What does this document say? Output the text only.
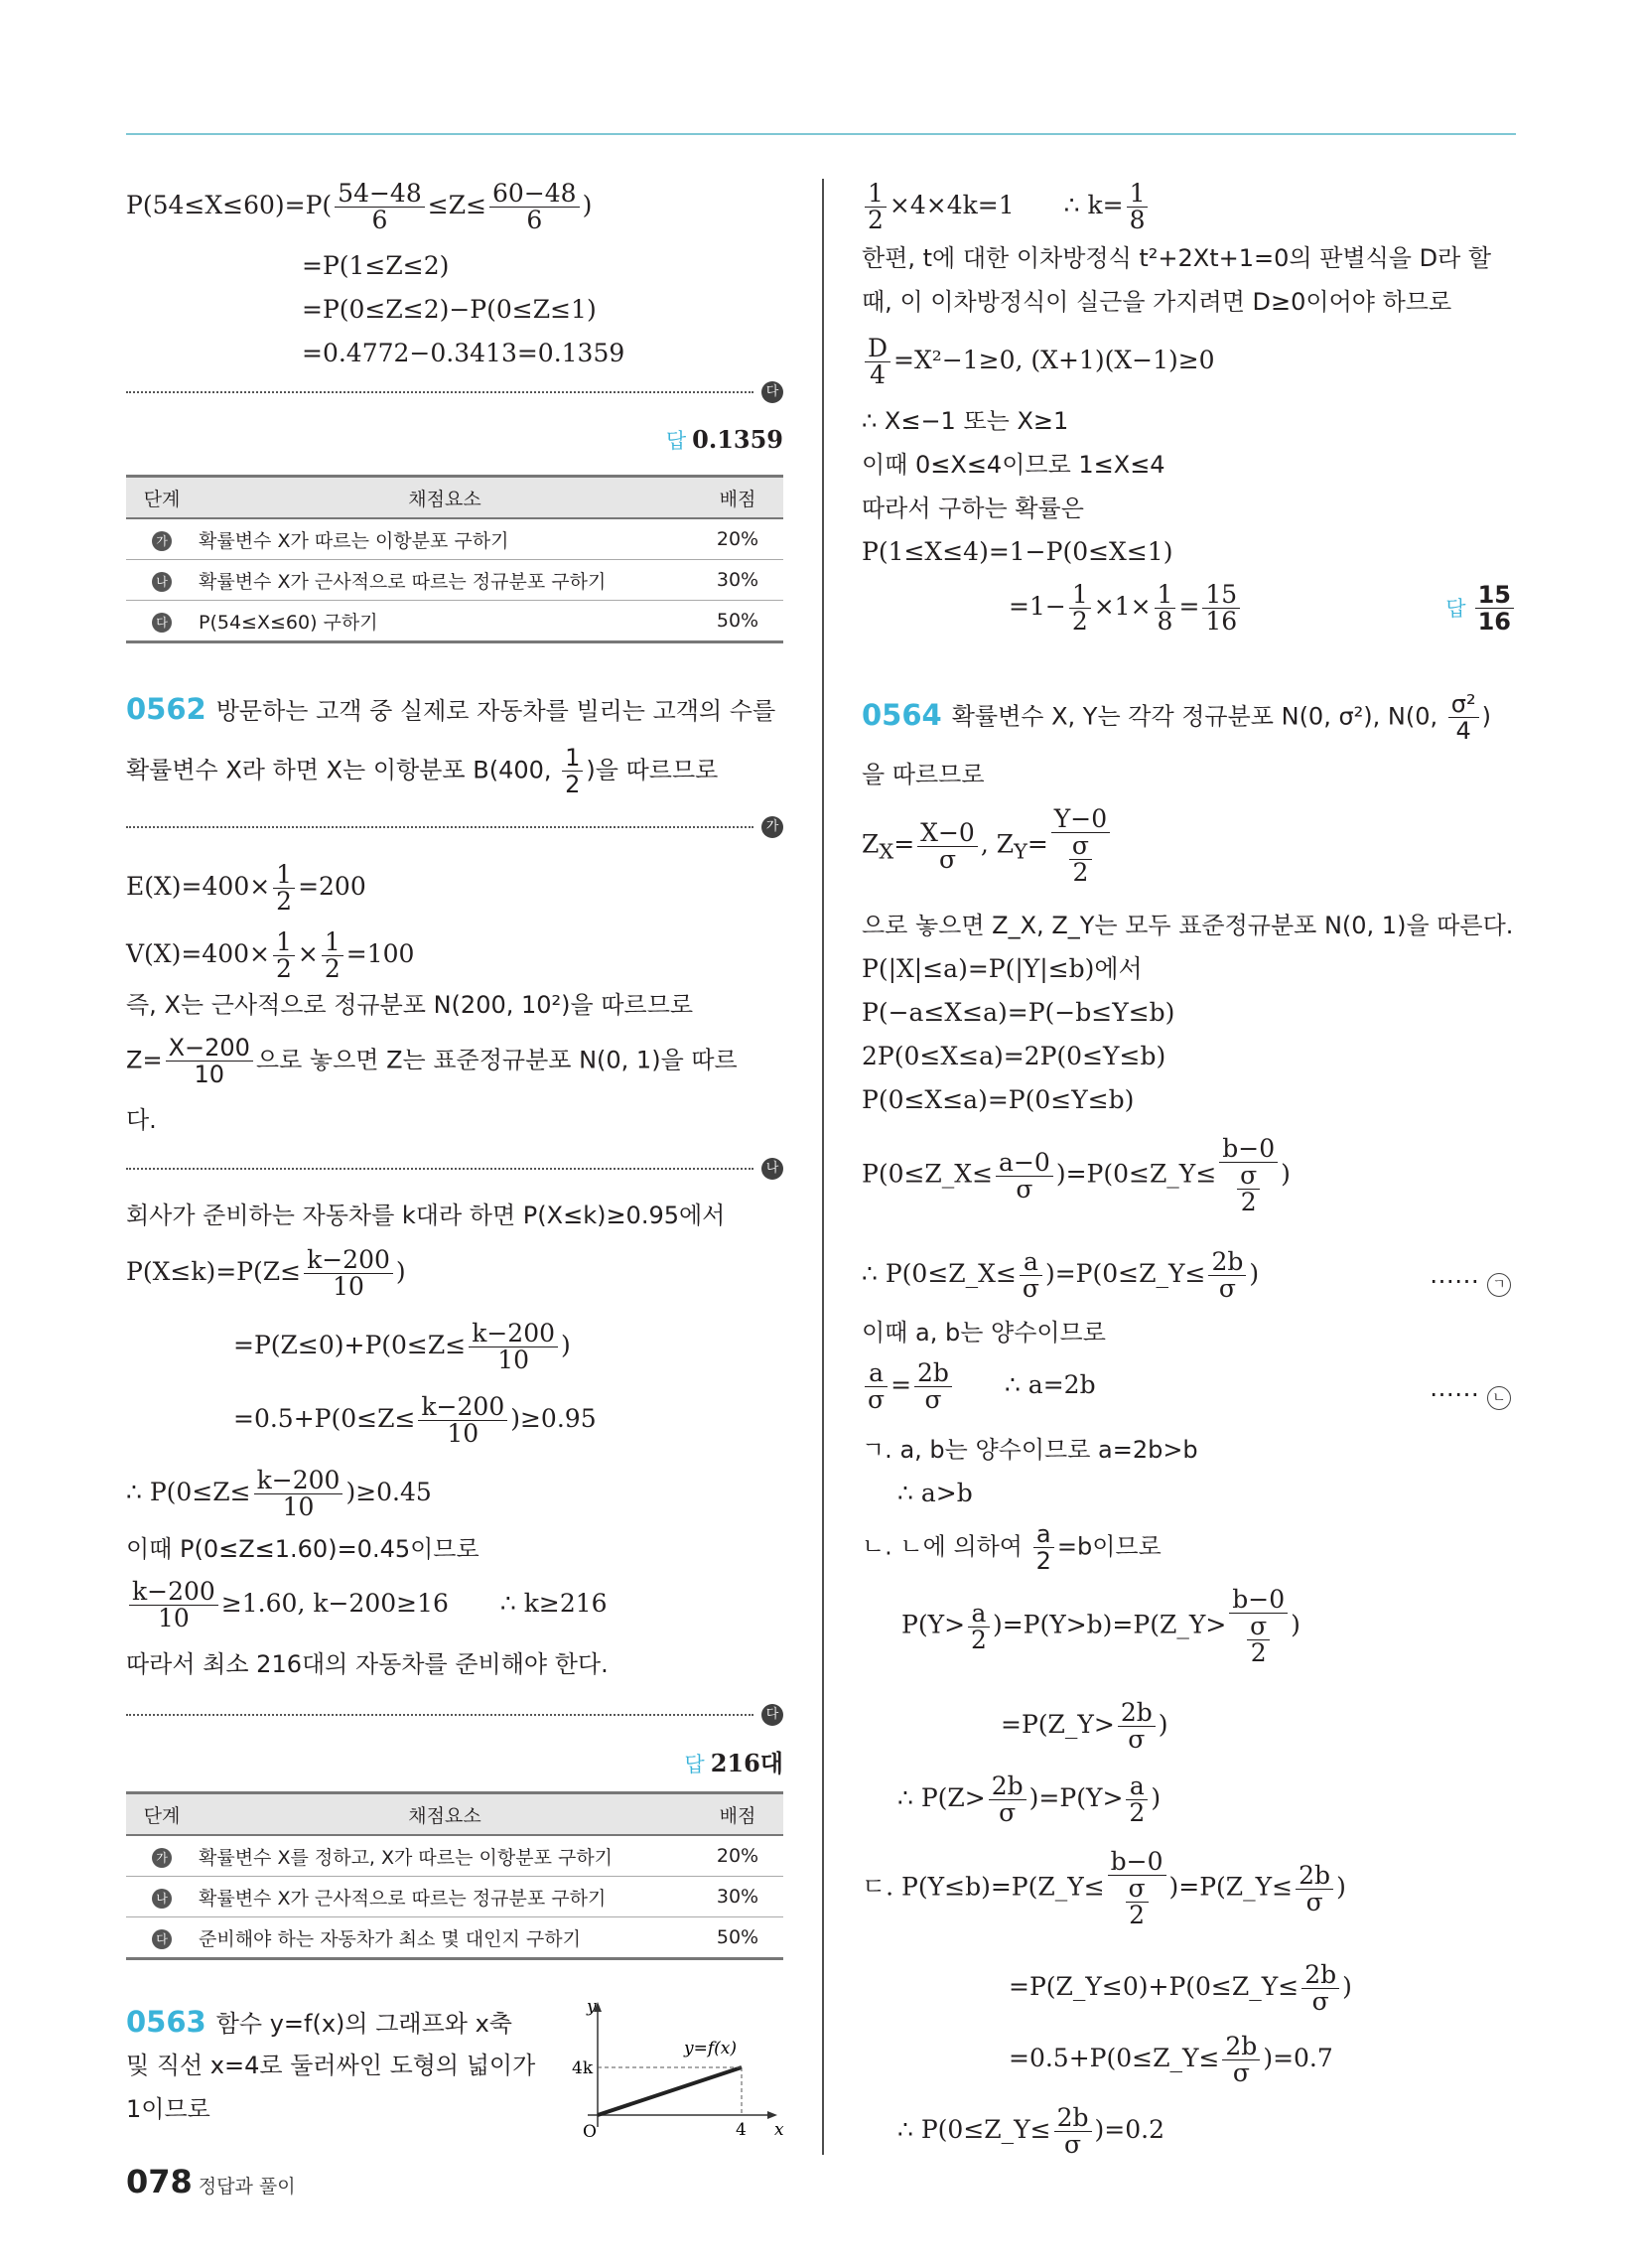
$P(54\le X\le 60)=P( \frac{54-48}{6} \le Z\le \frac{60-48}{6}$ )
=P(1≤Z≤2)
=P(0≤Z≤2)−P(0≤Z≤1)
=0.4772−0.3413=0.1359
다
답 0.1359
단계	채점요소	배점
가	확률변수 X가 따르는 이항분포 구하기	20%
나	확률변수 X가 근사적으로 따르는 정규분포 구하기	30%
다	P(54≤X≤60) 구하기	50%
0562 방문하는 고객 중 실제로 자동차를 빌리는 고객의 수를
확률변수 X라 하면 X는 이항분포 B(400, $\frac{1}{2}$ )을 따르므로
가
$E(X)=400\times \frac{1}{2} =200$
$V(X)=400\times \frac{1}{2} \times \frac{1}{2} =100$
즉, X는 근사적으로 정규분포 N(200, 10²)을 따르므로
$Z= \frac{X-200}{10}$ 으로 놓으면 Z는 표준정규분포 N(0, 1)을 따르
다.
나
회사가 준비하는 자동차를 k대라 하면 P(X≤k)≥0.95에서
$P(X\le k)=P(Z\le \frac{k-200}{10}$ )
$=P(Z\le 0)+P(0\le Z\le \frac{k-200}{10}$ )
$=0.5+P(0\le Z\le \frac{k-200}{10} )\ge 0.95$
∴ $P(0\le Z\le \frac{k-200}{10} )\ge 0.45$
이때 P(0≤Z≤1.60)=0.45이므로
$\frac{k-200}{10} \ge 1.60$, k−200≥16 ∴ k≥216
따라서 최소 216대의 자동차를 준비해야 한다.
다
답 216대
단계	채점요소	배점
가	확률변수 X를 정하고, X가 따르는 이항분포 구하기	20%
나	확률변수 X가 근사적으로 따르는 정규분포 구하기	30%
다	준비해야 하는 자동차가 최소 몇 대인지 구하기	50%
0563 함수 y=f(x)의 그래프와 x축
및 직선 x=4로 둘러싸인 도형의 넓이가
1이므로
y
x
O
4k
4
y=f(x)
$\frac{1}{2} \times 4\times 4k=1$ ∴ $k= \frac{1}{8}$
한편, t에 대한 이차방정식 t²+2Xt+1=0의 판별식을 D라 할
때, 이 이차방정식이 실근을 가지려면 D≥0이어야 하므로
$\frac{D}{4} =X^2-1\ge 0$, (X+1)(X−1)≥0
∴ X≤−1 또는 X≥1
이때 0≤X≤4이므로 1≤X≤4
따라서 구하는 확률은
P(1≤X≤4)=1−P(0≤X≤1)
$=1- \frac{1}{2} \times 1\times \frac{1}{8} = \frac{15}{16}$	답 $\frac{15}{16}$
0564 확률변수 X, Y는 각각 정규분포 N(0, σ²), N(0, $\frac{\text{σ²}}{4}$ )
을 따르므로
$Z_X= \frac{X-0}{\sigma}$ , $Z_Y= \frac{Y-0}{\frac{\sigma}{2}}$
으로 놓으면 Z_X, Z_Y는 모두 표준정규분포 N(0, 1)을 따른다.
P(|X|≤a)=P(|Y|≤b)에서
P(−a≤X≤a)=P(−b≤Y≤b)
2P(0≤X≤a)=2P(0≤Y≤b)
P(0≤X≤a)=P(0≤Y≤b)
P(0≤Z_X≤ $\frac{a-0}{\sigma}$ )=P(0≤Z_Y≤ $\frac{b-0}{\frac{\sigma}{2}}$ )
∴ P(0≤Z_X≤ $\frac{a}{\sigma}$ )=P(0≤Z_Y≤ $\frac{2b}{\sigma}$ )	⋯⋯ ㄱ
이때 a, b는 양수이므로
$\frac{a}{\sigma} = \frac{2b}{\sigma}$ ∴ a=2b	⋯⋯ ㄴ
ㄱ. a, b는 양수이므로 a=2b>b
∴ a>b
ㄴ. ㄴ에 의하여 $\frac{a}{2} =b$이므로
$P(Y> \frac{a}{2}$ )=P(Y>b)=P(Z_Y> $\frac{b-0}{\frac{\sigma}{2}}$ )
=P(Z_Y> $\frac{2b}{\sigma}$ )
∴ $P(Z> \frac{2b}{\sigma} )=P(Y> \frac{a}{2}$ )
ㄷ. P(Y≤b)=P(Z_Y≤ $\frac{b-0}{\frac{\sigma}{2}}$ )=P(Z_Y≤ $\frac{2b}{\sigma}$ )
=P(Z_Y≤0)+P(0≤Z_Y≤ $\frac{2b}{\sigma}$ )
=0.5+P(0≤Z_Y≤ $\frac{2b}{\sigma} )=0.7$
∴ P(0≤Z_Y≤ $\frac{2b}{\sigma} )=0.2$
078 정답과 풀이
